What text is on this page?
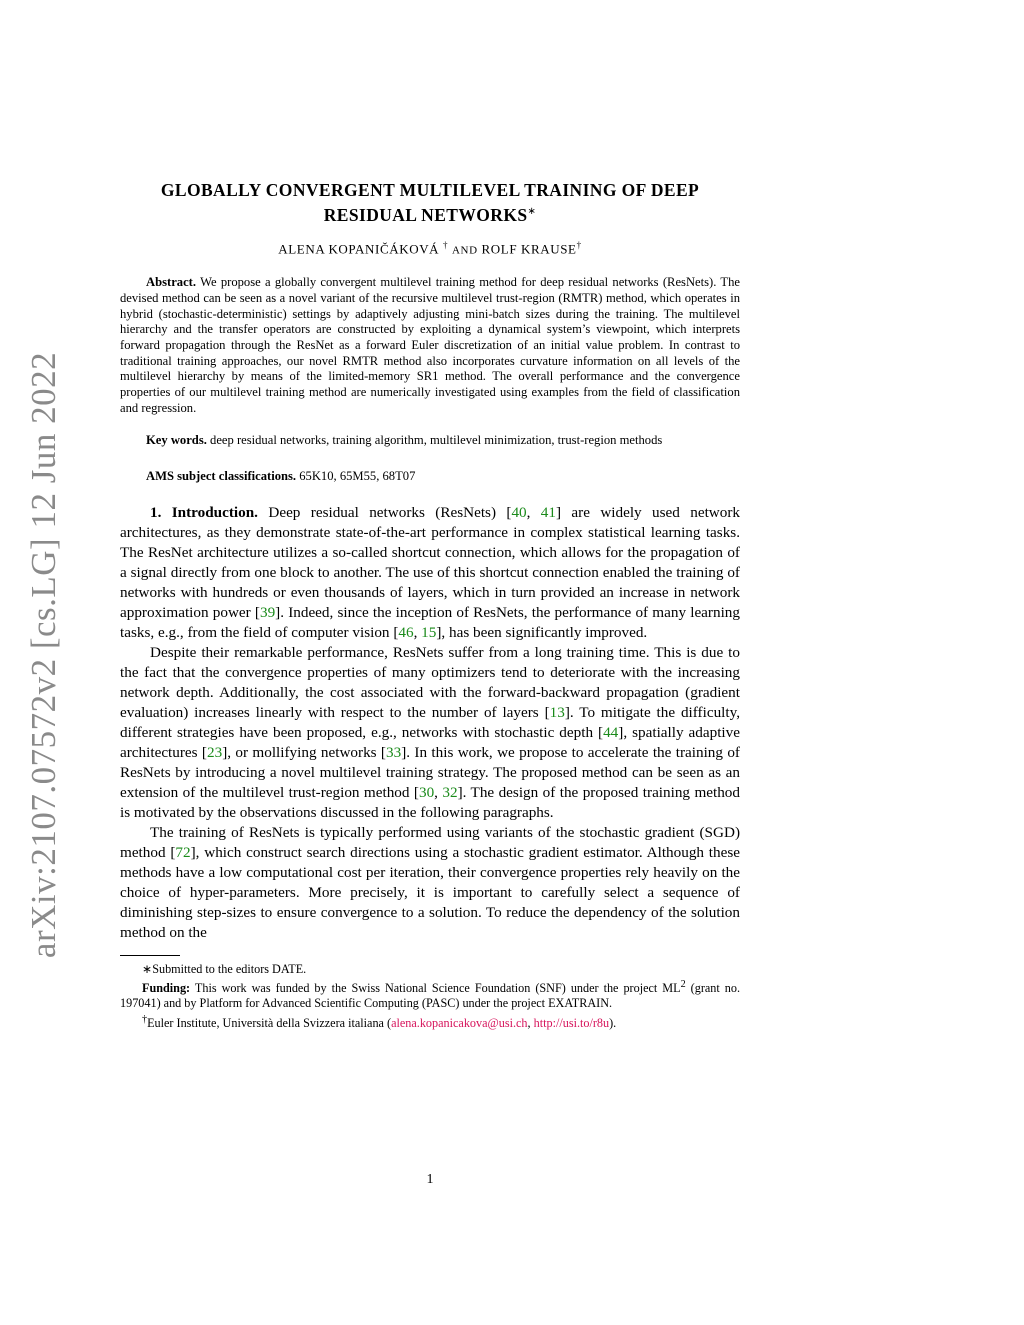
arXiv:2107.07572v2 [cs.LG] 12 Jun 2022

GLOBALLY CONVERGENT MULTILEVEL TRAINING OF DEEP
RESIDUAL NETWORKS∗

ALENA KOPANIČÁKOVÁ † AND ROLF KRAUSE†
Abstract. We propose a globally convergent multilevel training method for deep residual networks (ResNets). The devised method can be seen as a novel variant of the recursive multilevel trust-region (RMTR) method, which operates in hybrid (stochastic-deterministic) settings by adaptively adjusting mini-batch sizes during the training. The multilevel hierarchy and the transfer operators are constructed by exploiting a dynamical system’s viewpoint, which interprets forward propagation through the ResNet as a forward Euler discretization of an initial value problem. In contrast to traditional training approaches, our novel RMTR method also incorporates curvature information on all levels of the multilevel hierarchy by means of the limited-memory SR1 method. The overall performance and the convergence properties of our multilevel training method are numerically investigated using examples from the field of classification and regression.
Key words. deep residual networks, training algorithm, multilevel minimization, trust-region methods
AMS subject classifications. 65K10, 65M55, 68T07

1. Introduction. Deep residual networks (ResNets) [40, 41] are widely used network architectures, as they demonstrate state-of-the-art performance in complex statistical learning tasks. The ResNet architecture utilizes a so-called shortcut connection, which allows for the propagation of a signal directly from one block to another. The use of this shortcut connection enabled the training of networks with hundreds or even thousands of layers, which in turn provided an increase in network approximation power [39]. Indeed, since the inception of ResNets, the performance of many learning tasks, e.g., from the field of computer vision [46, 15], has been significantly improved.

Despite their remarkable performance, ResNets suffer from a long training time. This is due to the fact that the convergence properties of many optimizers tend to deteriorate with the increasing network depth. Additionally, the cost associated with the forward-backward propagation (gradient evaluation) increases linearly with respect to the number of layers [13]. To mitigate the difficulty, different strategies have been proposed, e.g., networks with stochastic depth [44], spatially adaptive architectures [23], or mollifying networks [33]. In this work, we propose to accelerate the training of ResNets by introducing a novel multilevel training strategy. The proposed method can be seen as an extension of the multilevel trust-region method [30, 32]. The design of the proposed training method is motivated by the observations discussed in the following paragraphs.

The training of ResNets is typically performed using variants of the stochastic gradient (SGD) method [72], which construct search directions using a stochastic gradient estimator. Although these methods have a low computational cost per iteration, their convergence properties rely heavily on the choice of hyper-parameters. More precisely, it is important to carefully select a sequence of diminishing step-sizes to ensure convergence to a solution. To reduce the dependency of the solution method on the

∗Submitted to the editors DATE.

Funding: This work was funded by the Swiss National Science Foundation (SNF) under the project $ML^2$ (grant no. 197041) and by Platform for Advanced Scientific Computing (PASC) under the project EXATRAIN.

†Euler Institute, Università della Svizzera italiana (alena.kopanicakova@usi.ch, http://usi.to/r8u).

1
